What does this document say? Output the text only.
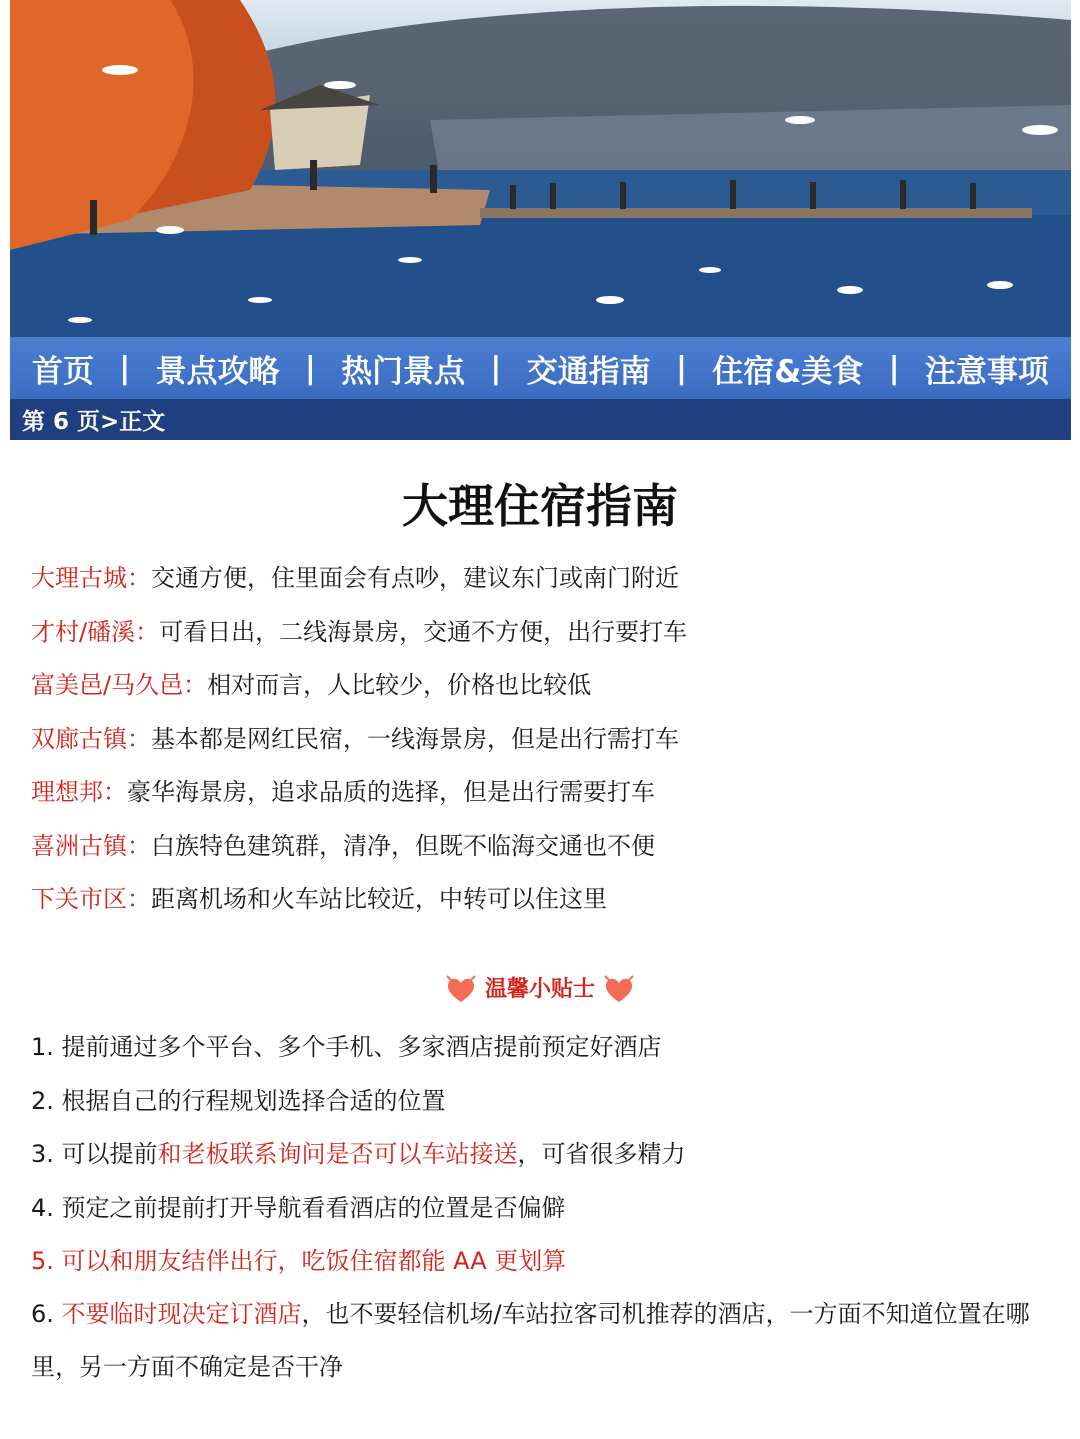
首页 | 景点攻略 | 热门景点 | 交通指南 | 住宿&美食 | 注意事项
第 6 页>正文
大理住宿指南
大理古城：交通方便，住里面会有点吵，建议东门或南门附近
才村/磻溪：可看日出，二线海景房，交通不方便，出行要打车
富美邑/马久邑：相对而言，人比较少，价格也比较低
双廊古镇：基本都是网红民宿，一线海景房，但是出行需打车
理想邦：豪华海景房，追求品质的选择，但是出行需要打车
喜洲古镇：白族特色建筑群，清净，但既不临海交通也不便
下关市区：距离机场和火车站比较近，中转可以住这里
温馨小贴士
1. 提前通过多个平台、多个手机、多家酒店提前预定好酒店
2. 根据自己的行程规划选择合适的位置
3. 可以提前和老板联系询问是否可以车站接送，可省很多精力
4. 预定之前提前打开导航看看酒店的位置是否偏僻
5. 可以和朋友结伴出行，吃饭住宿都能 AA 更划算
6. 不要临时现决定订酒店，也不要轻信机场/车站拉客司机推荐的酒店，一方面不知道位置在哪里，另一方面不确定是否干净
